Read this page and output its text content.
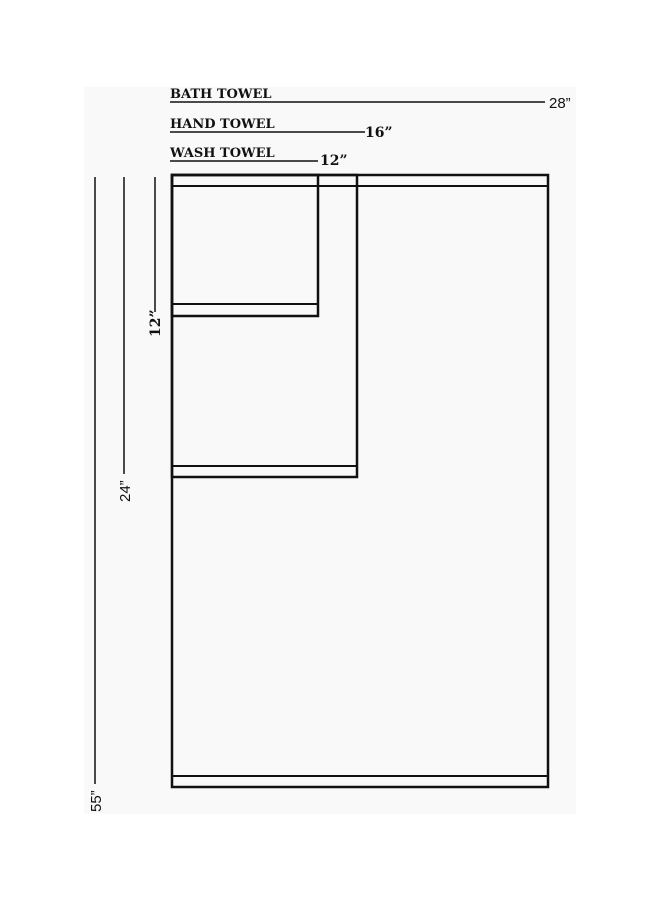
BATH TOWEL
28”
HAND TOWEL
16”
WASH TOWEL	12”
12”
24”
55”
